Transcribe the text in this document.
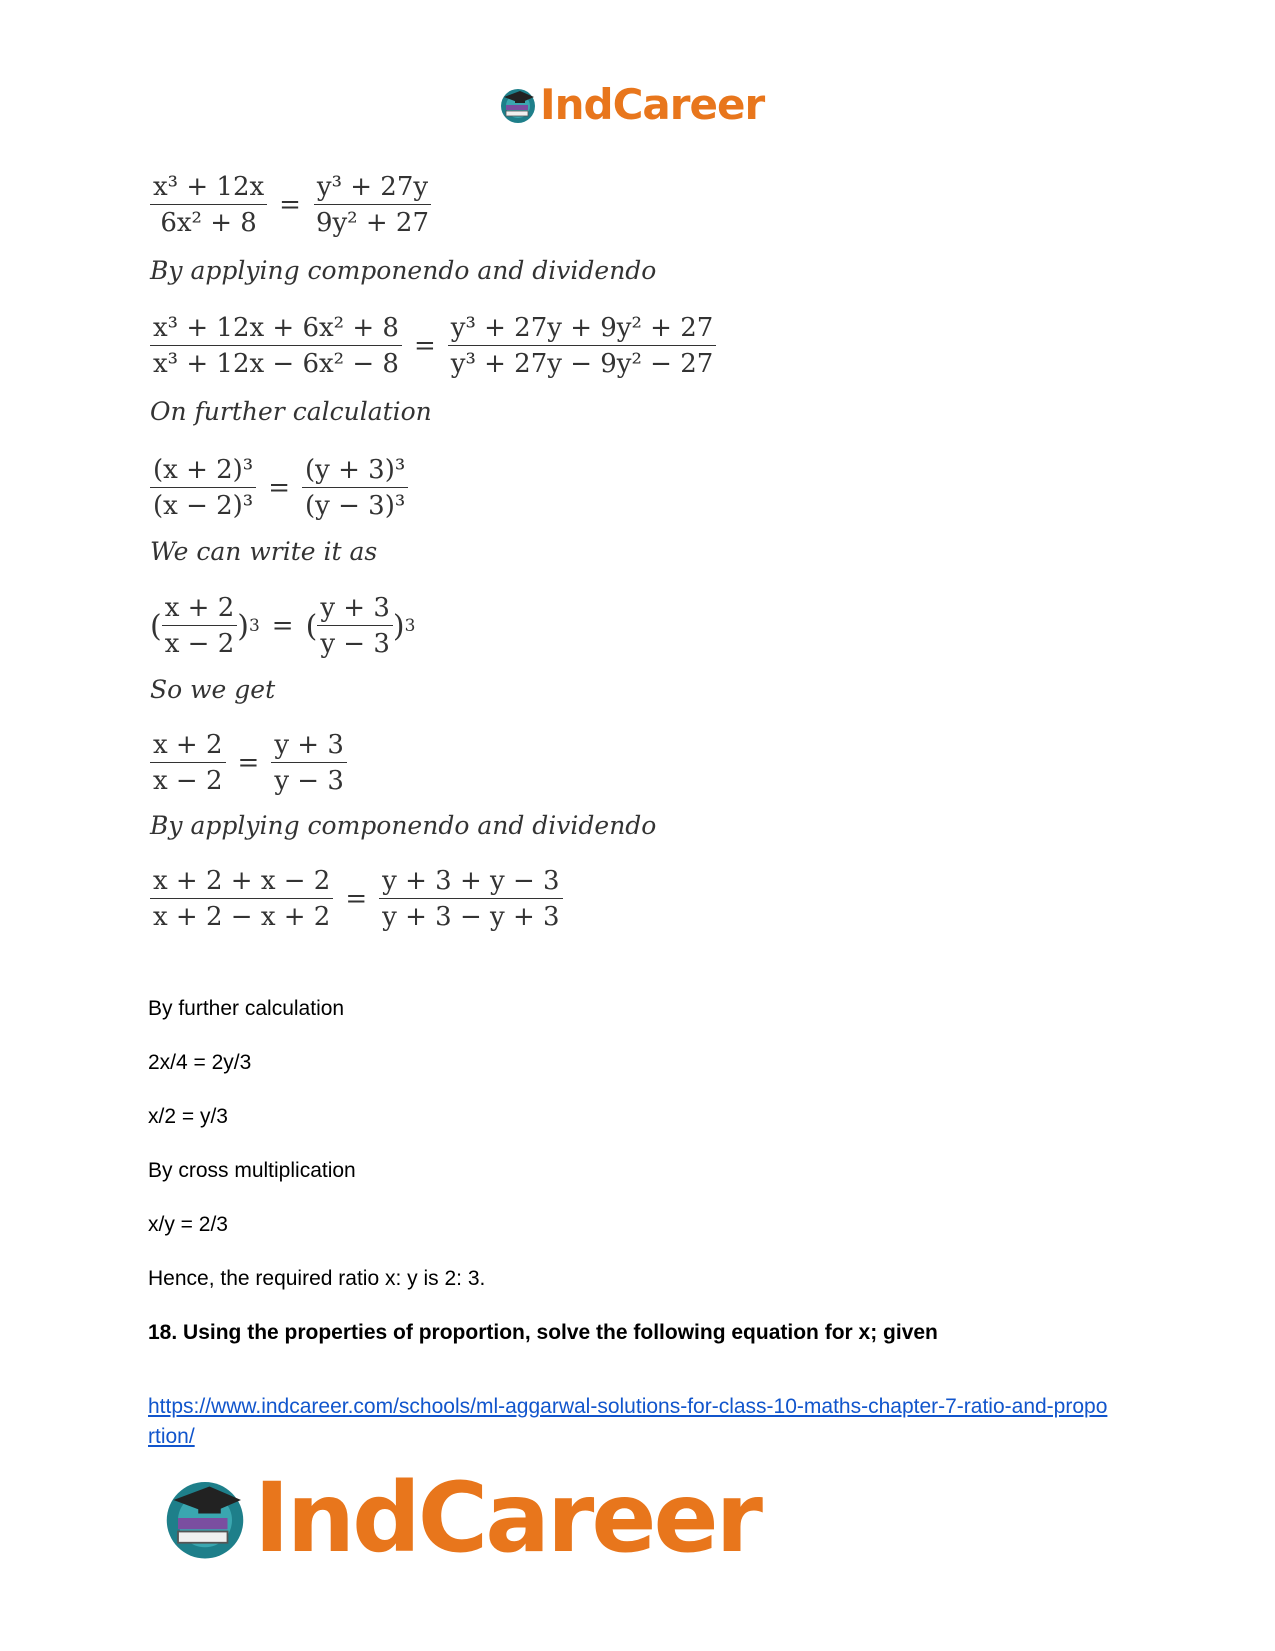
IndCareer
$\frac{\text{x³ + 12x}}{\text{6x² + 8}} = \frac{\text{y³ + 27y}}{\text{9y² + 27}}$
By applying componendo and dividendo
$\frac{\text{x³ + 12x + 6x² + 8}}{\text{x³ + 12x − 6x² − 8}} = \frac{\text{y³ + 27y + 9y² + 27}}{\text{y³ + 27y − 9y² − 27}}$
On further calculation
$\frac{\text{(x + 2)³}}{\text{(x − 2)³}} = \frac{\text{(y + 3)³}}{\text{(y − 3)³}}$
We can write it as
( $\frac{x + 2}{x - 2}$ ) 3 = ( $\frac{y + 3}{y - 3}$ ) 3
So we get
$\frac{x + 2}{x - 2} = \frac{y + 3}{y - 3}$
By applying componendo and dividendo
$\frac{x + 2 + x - 2}{x + 2 - x + 2} = \frac{y + 3 + y - 3}{y + 3 - y + 3}$
By further calculation
2x/4 = 2y/3
x/2 = y/3
By cross multiplication
x/y = 2/3
Hence, the required ratio x: y is 2: 3.
18. Using the properties of proportion, solve the following equation for x; given
https://www.indcareer.com/schools/ml-aggarwal-solutions-for-class-10-maths-chapter-7-ratio-and-proportion/
IndCareer
